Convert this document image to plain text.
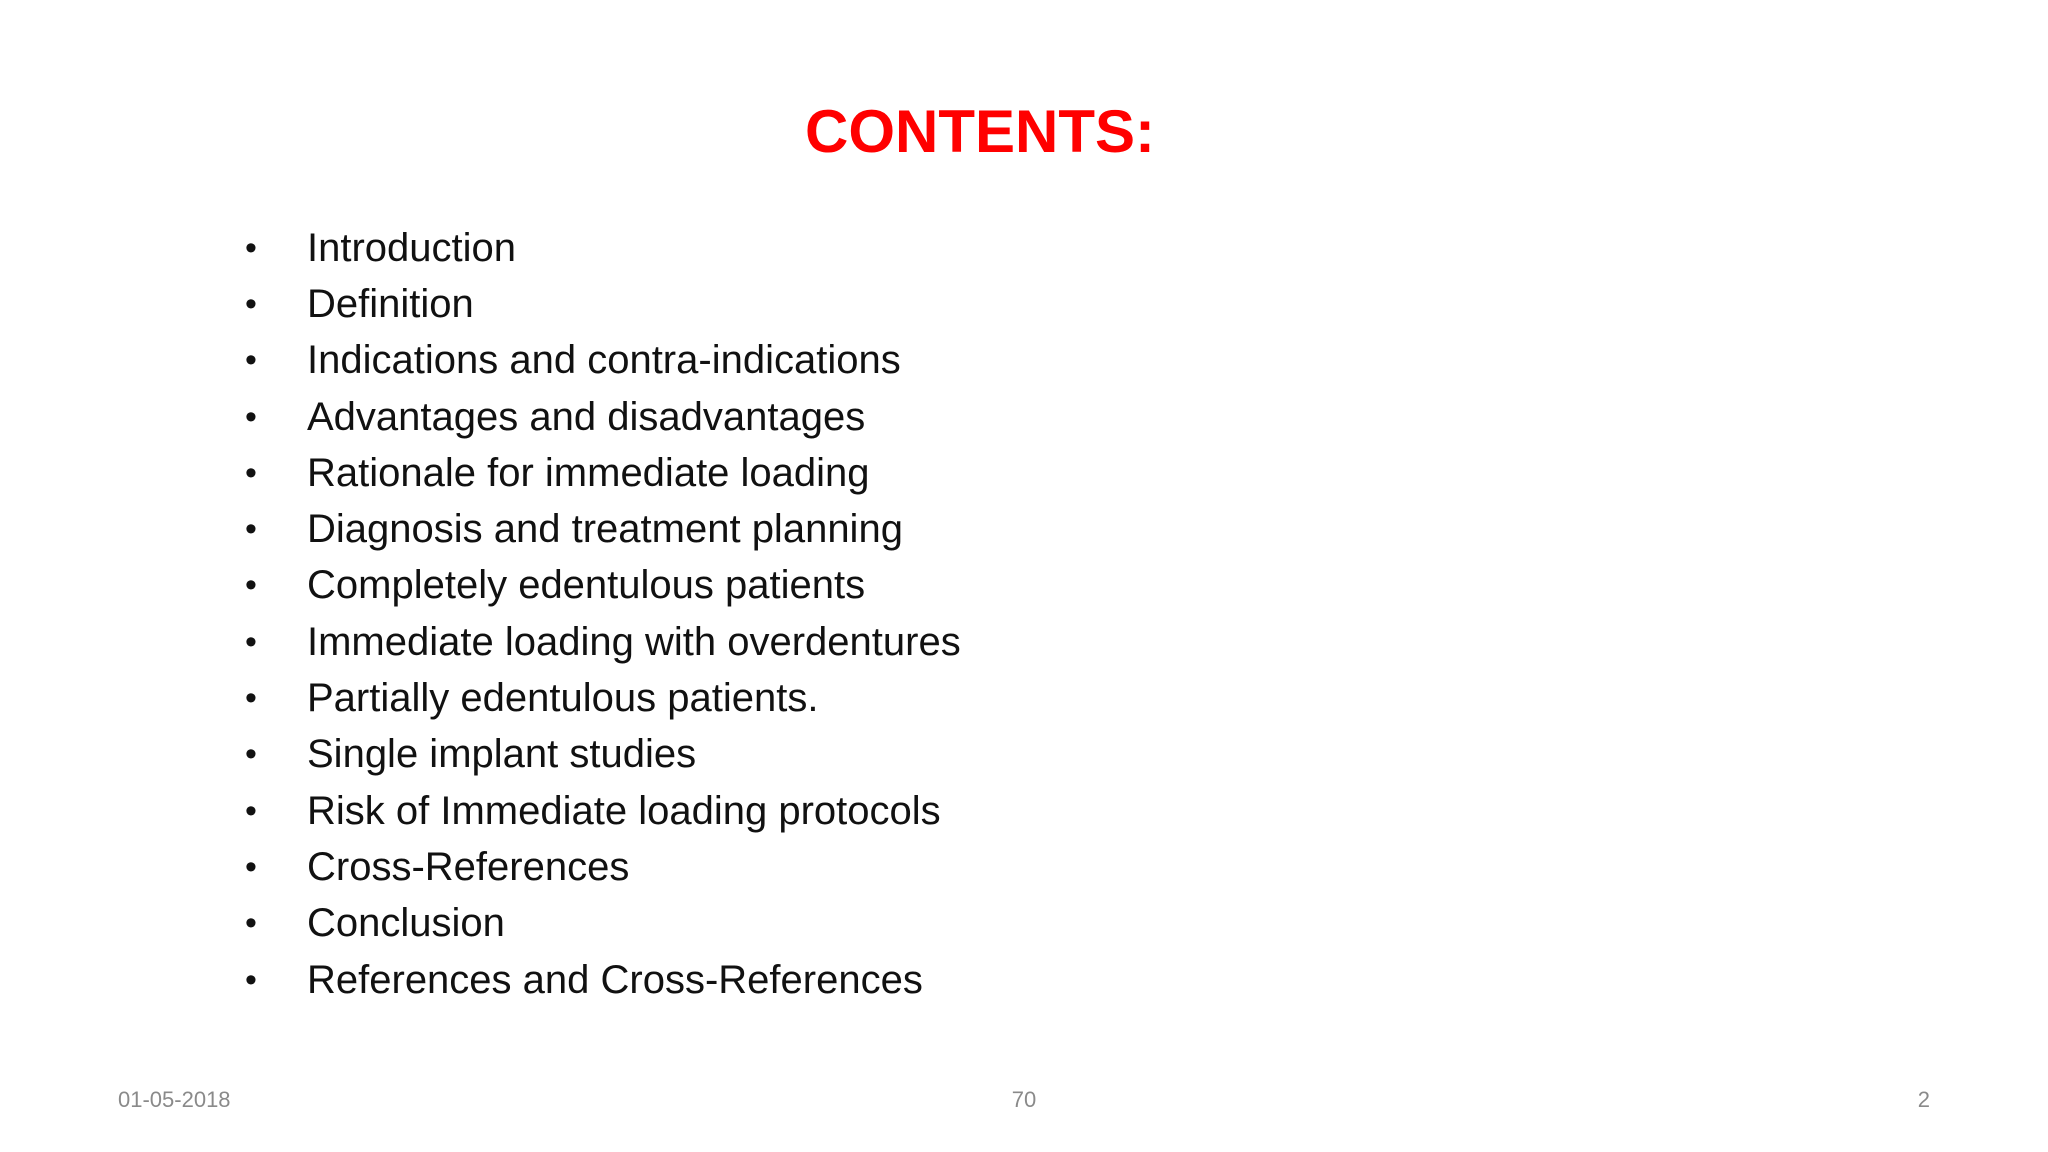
CONTENTS:
•	Introduction
•	Definition
•	Indications and contra-indications
•	Advantages and disadvantages
•	Rationale for immediate loading
•	Diagnosis and treatment planning
•	Completely edentulous patients
•	Immediate loading with overdentures
•	Partially edentulous patients.
•	Single implant studies
•	Risk of Immediate loading protocols
•	Cross-References
•	Conclusion
•	References and Cross-References
01-05-2018	70	2
